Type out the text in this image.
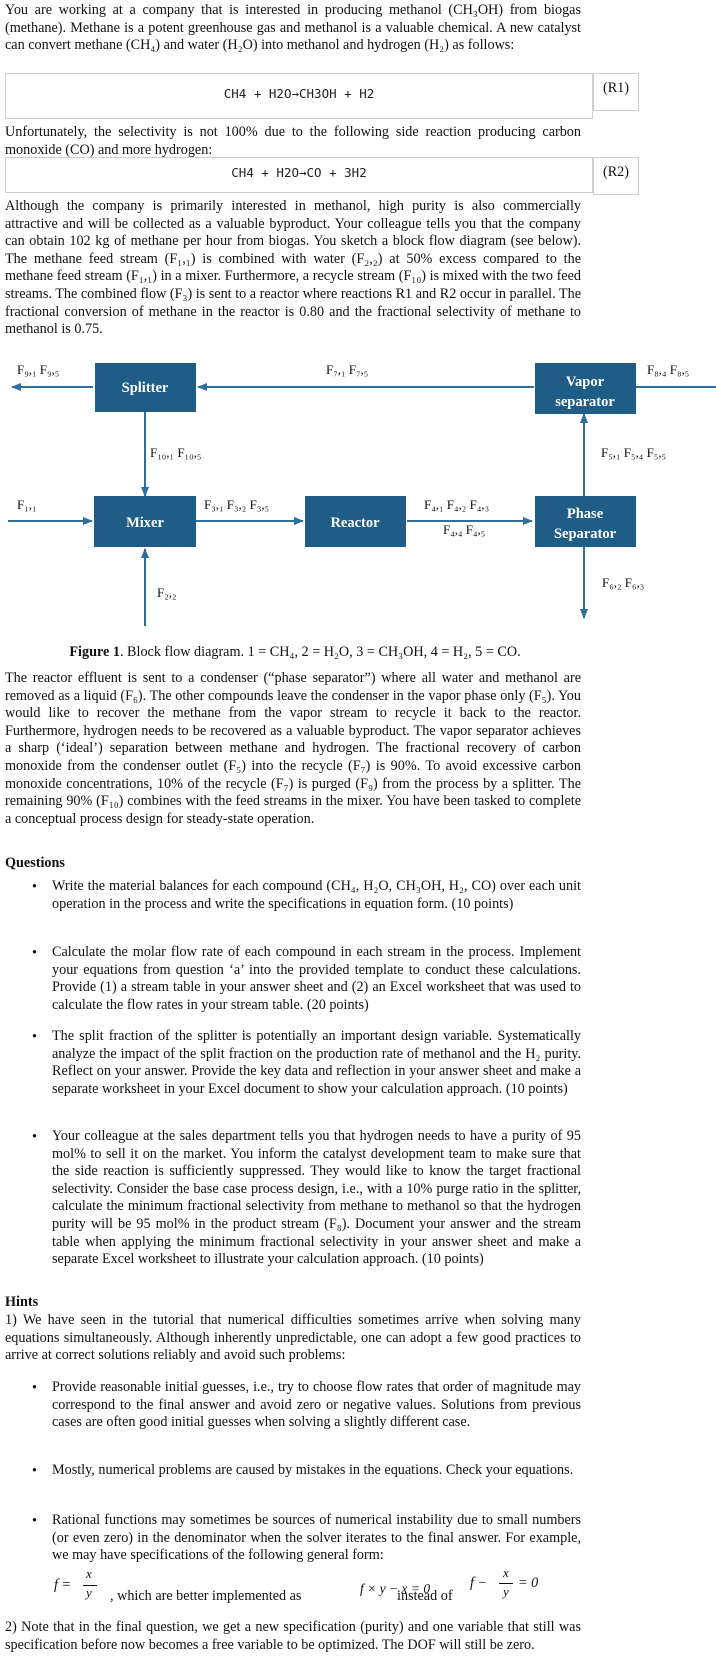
You are working at a company that is interested in producing methanol (CH₃OH) from biogas (methane). Methane is a potent greenhouse gas and methanol is a valuable chemical. A new catalyst can convert methane (CH₄) and water (H₂O) into methanol and hydrogen (H₂) as follows:

CH4 + H2O→CH3OH + H2	(R1)

Unfortunately, the selectivity is not 100% due to the following side reaction producing carbon monoxide (CO) and more hydrogen:

CH4 + H2O→CO + 3H2	(R2)

Although the company is primarily interested in methanol, high purity is also commercially attractive and will be collected as a valuable byproduct. Your colleague tells you that the company can obtain 102 kg of methane per hour from biogas. You sketch a block flow diagram (see below). The methane feed stream (F₁,₁) is combined with water (F₂,₂) at 50% excess compared to the methane feed stream (F₁,₁) in a mixer. Furthermore, a recycle stream (F₁₀) is mixed with the two feed streams. The combined flow (F₃) is sent to a reactor where reactions R1 and R2 occur in parallel. The fractional conversion of methane in the reactor is 0.80 and the fractional selectivity of methane to methanol is 0.75.

Splitter	Vapor
separator
Mixer	Reactor
Phase
Separator
F₉,₁ F₉,₅	F₇,₁ F₇,₅	F₈,₄ F₈,₅
F₁₀,₁ F₁₀,₅	F₅,₁ F₅,₄ F₅,₅
F₁,₁	F₃,₁ F₃,₂ F₃,₅	F₄,₁ F₄,₂ F₄,₃
F₄,₄ F₄,₅
F₆,₂ F₆,₃
F₂,₂

Figure 1. Block flow diagram. 1 = CH₄, 2 = H₂O, 3 = CH₃OH, 4 = H₂, 5 = CO.

The reactor effluent is sent to a condenser (“phase separator”) where all water and methanol are removed as a liquid (F₆). The other compounds leave the condenser in the vapor phase only (F₅). You would like to recover the methane from the vapor stream to recycle it back to the reactor. Furthermore, hydrogen needs to be recovered as a valuable byproduct. The vapor separator achieves a sharp (‘ideal’) separation between methane and hydrogen. The fractional recovery of carbon monoxide from the condenser outlet (F₅) into the recycle (F₇) is 90%. To avoid excessive carbon monoxide concentrations, 10% of the recycle (F₇) is purged (F₉) from the process by a splitter. The remaining 90% (F₁₀) combines with the feed streams in the mixer. You have been tasked to complete a conceptual process design for steady-state operation.

Questions

• Write the material balances for each compound (CH₄, H₂O, CH₃OH, H₂, CO) over each unit operation in the process and write the specifications in equation form. (10 points)

• Calculate the molar flow rate of each compound in each stream in the process. Implement your equations from question ‘a’ into the provided template to conduct these calculations. Provide (1) a stream table in your answer sheet and (2) an Excel worksheet that was used to calculate the flow rates in your stream table. (20 points)

• The split fraction of the splitter is potentially an important design variable. Systematically analyze the impact of the split fraction on the production rate of methanol and the H₂ purity. Reflect on your answer. Provide the key data and reflection in your answer sheet and make a separate worksheet in your Excel document to show your calculation approach. (10 points)

• Your colleague at the sales department tells you that hydrogen needs to have a purity of 95 mol% to sell it on the market. You inform the catalyst development team to make sure that the side reaction is sufficiently suppressed. They would like to know the target fractional selectivity. Consider the base case process design, i.e., with a 10% purge ratio in the splitter, calculate the minimum fractional selectivity from methane to methanol so that the hydrogen purity will be 95 mol% in the product stream (F₈). Document your answer and the stream table when applying the minimum fractional selectivity in your answer sheet and make a separate Excel worksheet to illustrate your calculation approach. (10 points)

Hints

1) We have seen in the tutorial that numerical difficulties sometimes arrive when solving many equations simultaneously. Although inherently unpredictable, one can adopt a few good practices to arrive at correct solutions reliably and avoid such problems:

• Provide reasonable initial guesses, i.e., try to choose flow rates that order of magnitude may correspond to the final answer and avoid zero or negative values. Solutions from previous cases are often good initial guesses when solving a slightly different case.

• Mostly, numerical problems are caused by mistakes in the equations. Check your equations.

• Rational functions may sometimes be sources of numerical instability due to small numbers (or even zero) in the denominator when the solver iterates to the final answer. For example, we may have specifications of the following general form:

f =
x
y , which are better implemented as	f × y − x = 0
instead of
f −
x
y
= 0

2) Note that in the final question, we get a new specification (purity) and one variable that still was specification before now becomes a free variable to be optimized. The DOF will still be zero.
